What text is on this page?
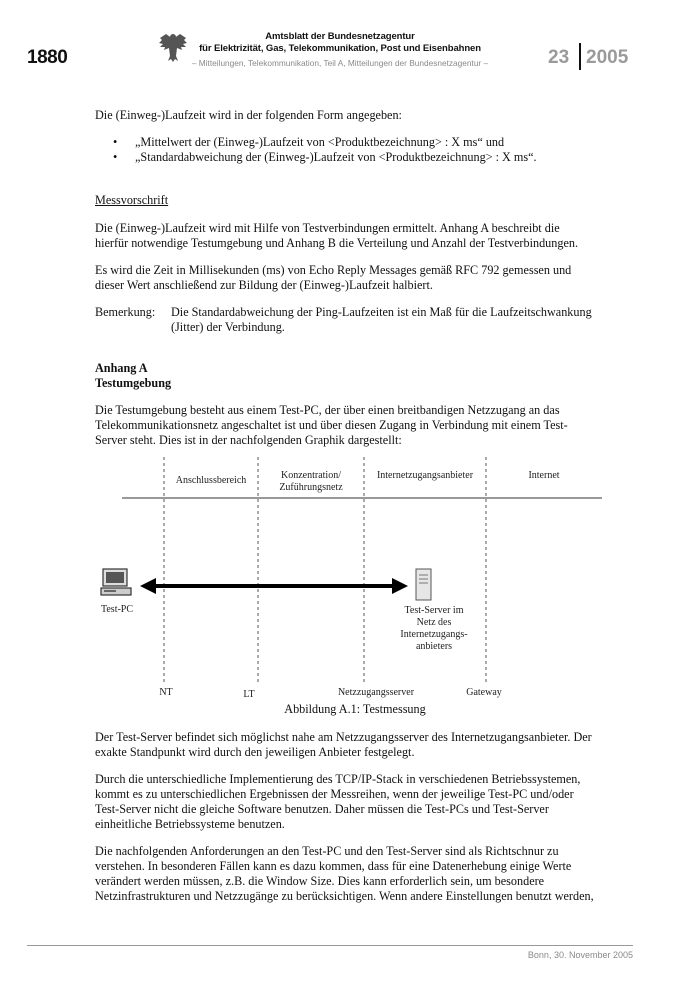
1880
Amtsblatt der Bundesnetzagentur
für Elektrizität, Gas, Telekommunikation, Post und Eisenbahnen
– Mitteilungen, Telekommunikation, Teil A, Mitteilungen der Bundesnetzagentur –	23 2005
Die (Einweg-)Laufzeit wird in der folgenden Form angegeben:
• „Mittelwert der (Einweg-)Laufzeit von <Produktbezeichnung> : X ms“ und
• „Standardabweichung der (Einweg-)Laufzeit von <Produktbezeichnung> : X ms“.
Messvorschrift
Die (Einweg-)Laufzeit wird mit Hilfe von Testverbindungen ermittelt. Anhang A beschreibt die
hierfür notwendige Testumgebung und Anhang B die Verteilung und Anzahl der Testverbindungen.
Es wird die Zeit in Millisekunden (ms) von Echo Reply Messages gemäß RFC 792 gemessen und
dieser Wert anschließend zur Bildung der (Einweg-)Laufzeit halbiert.
Bemerkung: Die Standardabweichung der Ping-Laufzeiten ist ein Maß für die Laufzeitschwankung
(Jitter) der Verbindung.
Anhang A
Testumgebung
Die Testumgebung besteht aus einem Test-PC, der über einen breitbandigen Netzzugang an das
Telekommunikationsnetz angeschaltet ist und über diesen Zugang in Verbindung mit einem Test-
Server steht. Dies ist in der nachfolgenden Graphik dargestellt:
Anschlussbereich	Konzentration/
Zuführungsnetz
Internetzugangsanbieter	Internet
Test-PC	Test-Server im
Netz des
Internetzugangs-
anbieters
NT	LT	Netzzugangsserver	Gateway
Abbildung A.1: Testmessung
Der Test-Server befindet sich möglichst nahe am Netzzugangsserver des Internetzugangsanbieter. Der
exakte Standpunkt wird durch den jeweiligen Anbieter festgelegt.
Durch die unterschiedliche Implementierung des TCP/IP-Stack in verschiedenen Betriebssystemen,
kommt es zu unterschiedlichen Ergebnissen der Messreihen, wenn der jeweilige Test-PC und/oder
Test-Server nicht die gleiche Software benutzen. Daher müssen die Test-PCs und Test-Server
einheitliche Betriebssysteme benutzen.
Die nachfolgenden Anforderungen an den Test-PC und den Test-Server sind als Richtschnur zu
verstehen. In besonderen Fällen kann es dazu kommen, dass für eine Datenerhebung einige Werte
verändert werden müssen, z.B. die Window Size. Dies kann erforderlich sein, um besondere
Netzinfrastrukturen und Netzzugänge zu berücksichtigen. Wenn andere Einstellungen benutzt werden,
Bonn, 30. November 2005
